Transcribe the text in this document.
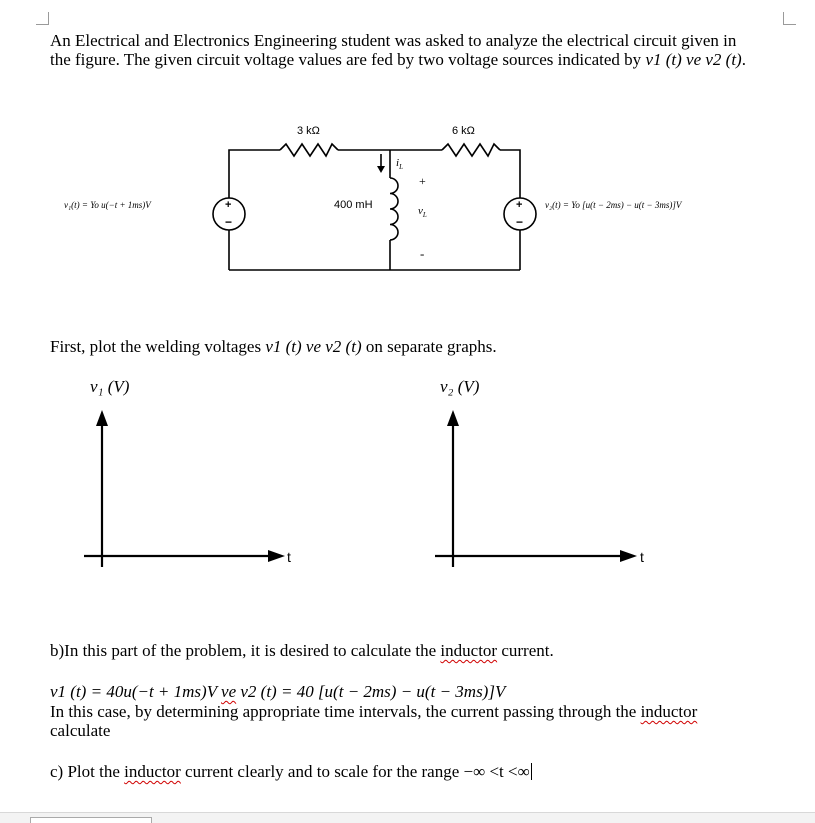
An Electrical and Electronics Engineering student was asked to analyze the electrical circuit given in
the figure. The given circuit voltage values are fed by two voltage sources indicated by v1 (t) ve v2 (t).
3 kΩ	6 kΩ
400 mH
$i_L$
+
$v_L$
-
+
−
+
−
v₁(t) = Yo u(−t + 1ms)V	v₂(t) = Yo [u(t − 2ms) − u(t − 3ms)]V
First, plot the welding voltages v1 (t) ve v2 (t) on separate graphs.
v₁ (V)	v₂ (V)
t	t
b)In this part of the problem, it is desired to calculate the inductor current.
v1 (t) = 40u(−t + 1ms)V ve v2 (t) = 40 [u(t − 2ms) − u(t − 3ms)]V
In this case, by determining appropriate time intervals, the current passing through the inductor
calculate
c) Plot the inductor current clearly and to scale for the range −∞ <t <∞
